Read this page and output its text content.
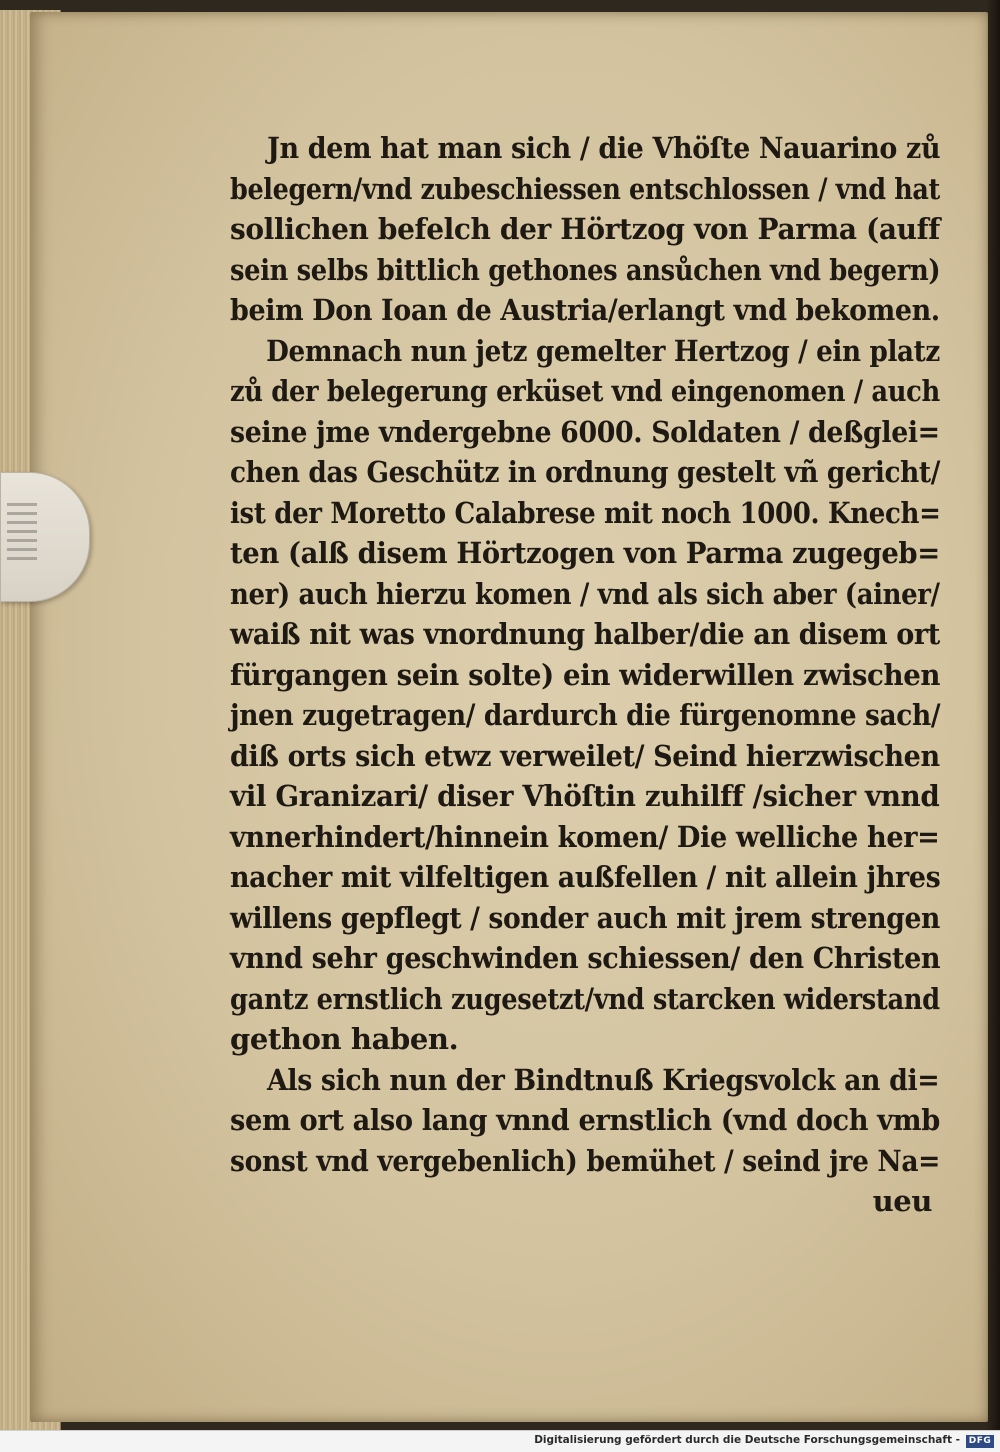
Jn dem hat man sich / die Vhöſte Nauarino zů
belegern/vnd zubeschiessen entschlossen / vnd hat
sollichen befelch der Hörtzog von Parma (auff
sein selbs bittlich gethones ansůchen vnd begern)
beim Don Ioan de Austria/erlangt vnd bekomen.
Demnach nun jetz gemelter Hertzog / ein platz
zů der belegerung erküset vnd eingenomen / auch
seine jme vndergebne 6000. Soldaten / deßglei=
chen das Geschütz in ordnung gestelt vñ gericht/
ist der Moretto Calabrese mit noch 1000. Knech=
ten (alß disem Hörtzogen von Parma zugegeb=
ner) auch hierzu komen / vnd als sich aber (ainer/
waiß nit was vnordnung halber/die an disem ort
fürgangen sein solte) ein widerwillen zwischen
jnen zugetragen/ dardurch die fürgenomne sach/
diß orts sich etwz verweilet/ Seind hierzwischen
vil Granizari/ diser Vhöſtin zuhilff /sicher vnnd
vnnerhindert/hinnein komen/ Die welliche her=
nacher mit vilfeltigen außfellen / nit allein jhres
willens gepflegt / sonder auch mit jrem strengen
vnnd sehr geschwinden schiessen/ den Christen
gantz ernstlich zugesetzt/vnd starcken widerstand
gethon haben.
Als sich nun der Bindtnuß Kriegsvolck an di=
sem ort also lang vnnd ernstlich (vnd doch vmb
sonst vnd vergebenlich) bemühet / seind jre Na=
ueu
Digitalisierung gefördert durch die Deutsche Forschungsgemeinschaft - DFG
